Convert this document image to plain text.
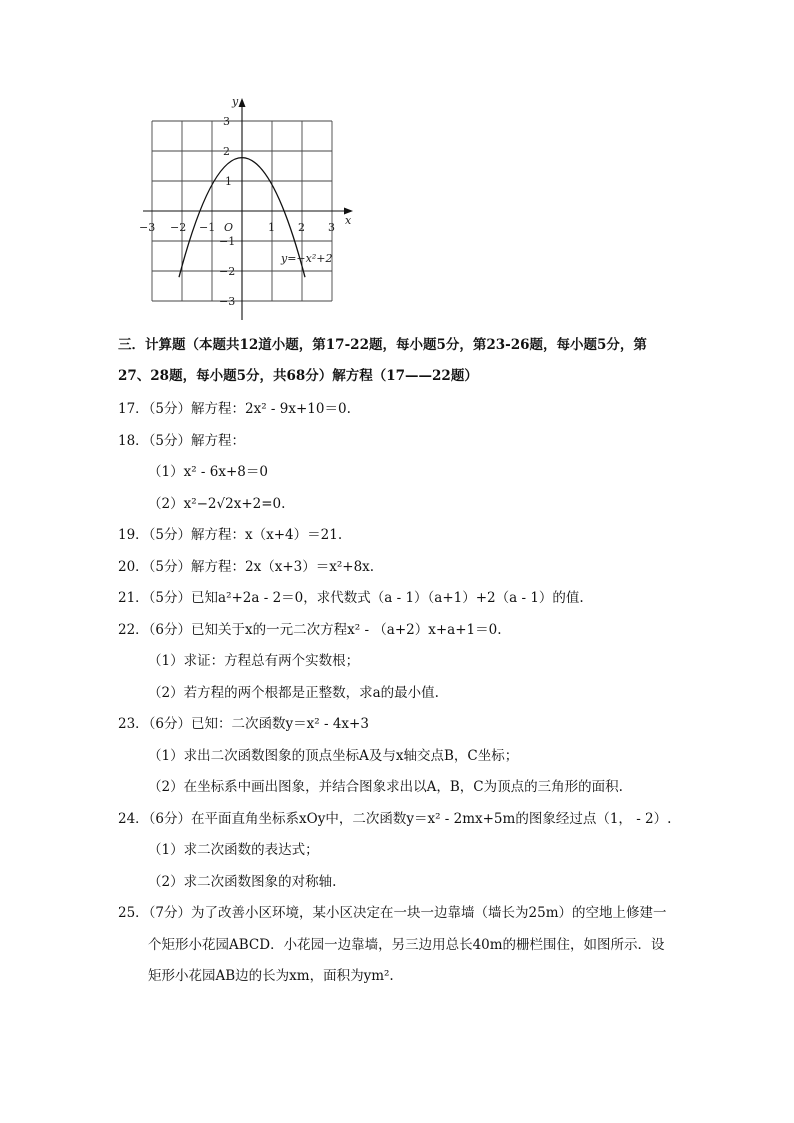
y
x
O
−3 −2 −1	1 2 3
3
2
1
−1
−2
−3
y=−x²+2
三．计算题（本题共12道小题，第17-22题，每小题5分，第23-26题，每小题5分，第
27、28题，每小题5分，共68分）解方程（17——22题）
17．（5分）解方程：2x² - 9x+10＝0.
18．（5分）解方程：
（1）x² - 6x+8＝0
（2）x²−2√2x+2=0.
19．（5分）解方程：x（x+4）＝21.
20．（5分）解方程：2x（x+3）＝x²+8x.
21．（5分）已知a²+2a - 2＝0，求代数式（a - 1）（a+1）+2（a - 1）的值.
22．（6分）已知关于x的一元二次方程x² - （a+2）x+a+1＝0.
（1）求证：方程总有两个实数根；
（2）若方程的两个根都是正整数，求a的最小值.
23．（6分）已知：二次函数y＝x² - 4x+3
（1）求出二次函数图象的顶点坐标A及与x轴交点B，C坐标；
（2）在坐标系中画出图象，并结合图象求出以A，B，C为顶点的三角形的面积.
24．（6分）在平面直角坐标系xOy中，二次函数y＝x² - 2mx+5m的图象经过点（1， - 2）.
（1）求二次函数的表达式；
（2）求二次函数图象的对称轴.
25．（7分）为了改善小区环境，某小区决定在一块一边靠墙（墙长为25m）的空地上修建一个矩形小花园ABCD．小花园一边靠墙，另三边用总长40m的栅栏围住，如图所示．设矩形小花园AB边的长为xm，面积为ym².
